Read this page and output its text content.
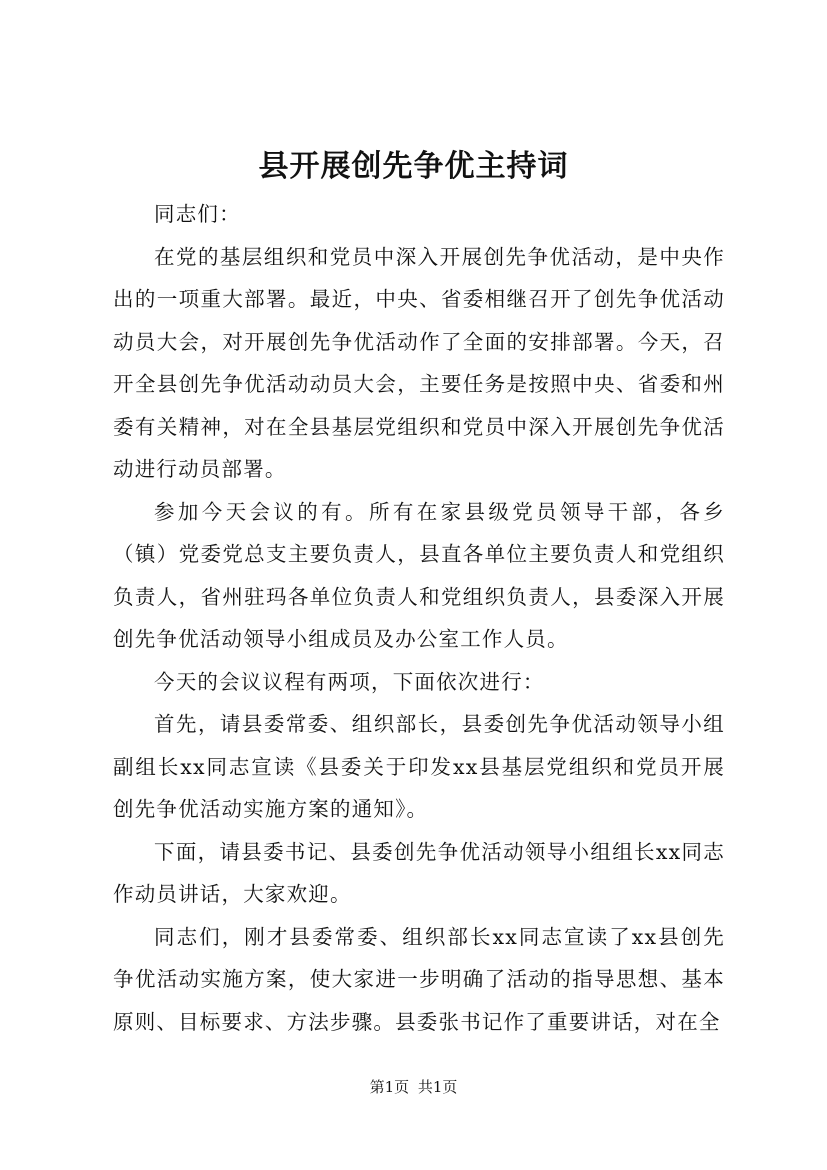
县开展创先争优主持词

同志们：

在党的基层组织和党员中深入开展创先争优活动，是中央作出的一项重大部署。最近，中央、省委相继召开了创先争优活动动员大会，对开展创先争优活动作了全面的安排部署。今天，召开全县创先争优活动动员大会，主要任务是按照中央、省委和州委有关精神，对在全县基层党组织和党员中深入开展创先争优活动进行动员部署。

参加今天会议的有。所有在家县级党员领导干部，各乡（镇）党委党总支主要负责人，县直各单位主要负责人和党组织负责人，省州驻玛各单位负责人和党组织负责人，县委深入开展创先争优活动领导小组成员及办公室工作人员。

今天的会议议程有两项，下面依次进行：

首先，请县委常委、组织部长，县委创先争优活动领导小组副组长xx同志宣读《县委关于印发xx县基层党组织和党员开展创先争优活动实施方案的通知》。

下面，请县委书记、县委创先争优活动领导小组组长xx同志作动员讲话，大家欢迎。

同志们，刚才县委常委、组织部长xx同志宣读了xx县创先争优活动实施方案，使大家进一步明确了活动的指导思想、基本原则、目标要求、方法步骤。县委张书记作了重要讲话，对在全

第1页 共1页
